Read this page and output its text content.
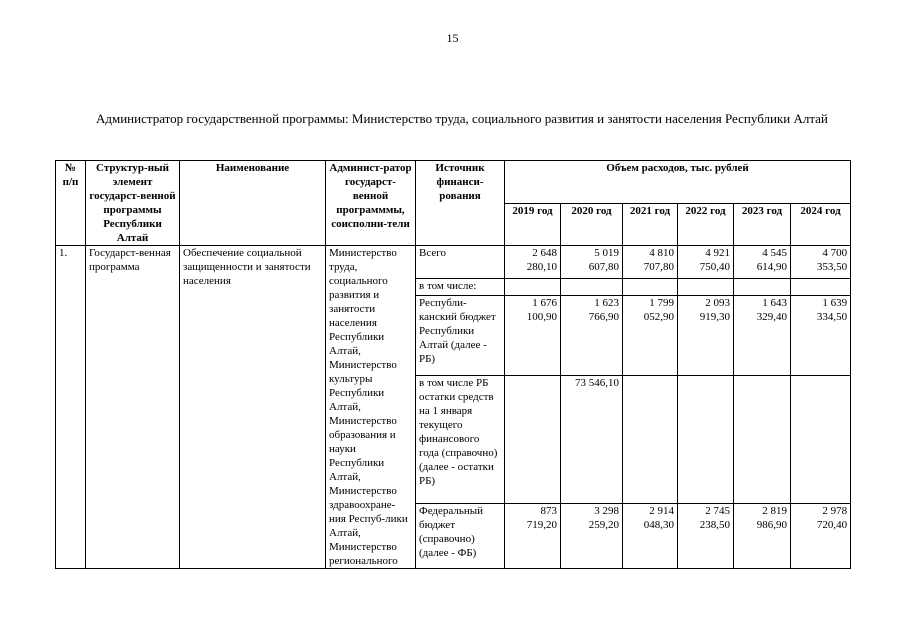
15
Администратор государственной программы: Министерство труда, социального развития и занятости населения Республики Алтай
№ п/п	Структур-ный элемент государст-венной программы Республики Алтай	Наименование	Админист-ратор государст-венной программмы, соисполни-тели	Источник финанси-рования	Объем расходов, тыс. рублей					
					2019 год	2020 год	2021 год	2022 год	2023 год	2024 год
1.	Государст-венная программа	Обеспечение социальной защищенности и занятости населения	Министерство труда, социального развития и занятости населения Республики Алтай, Министерство культуры Республики Алтай, Министерство образования и науки Республики Алтай, Министерство здравоохране-ния Респуб-лики Алтай, Министерство регионального	Всего	2 648 280,10	5 019 607,80	4 810 707,80	4 921 750,40	4 545 614,90	4 700 353,50
				в том числе:						
				Республи-канский бюджет Республики Алтай (далее - РБ)	1 676 100,90	1 623 766,90	1 799 052,90	2 093 919,30	1 643 329,40	1 639 334,50
				в том числе РБ остатки средств на 1 января текущего финансового года (справочно) (далее - остатки РБ)		73 546,10				
				Федеральный бюджет (справочно) (далее - ФБ)	873 719,20	3 298 259,20	2 914 048,30	2 745 238,50	2 819 986,90	2 978 720,40
